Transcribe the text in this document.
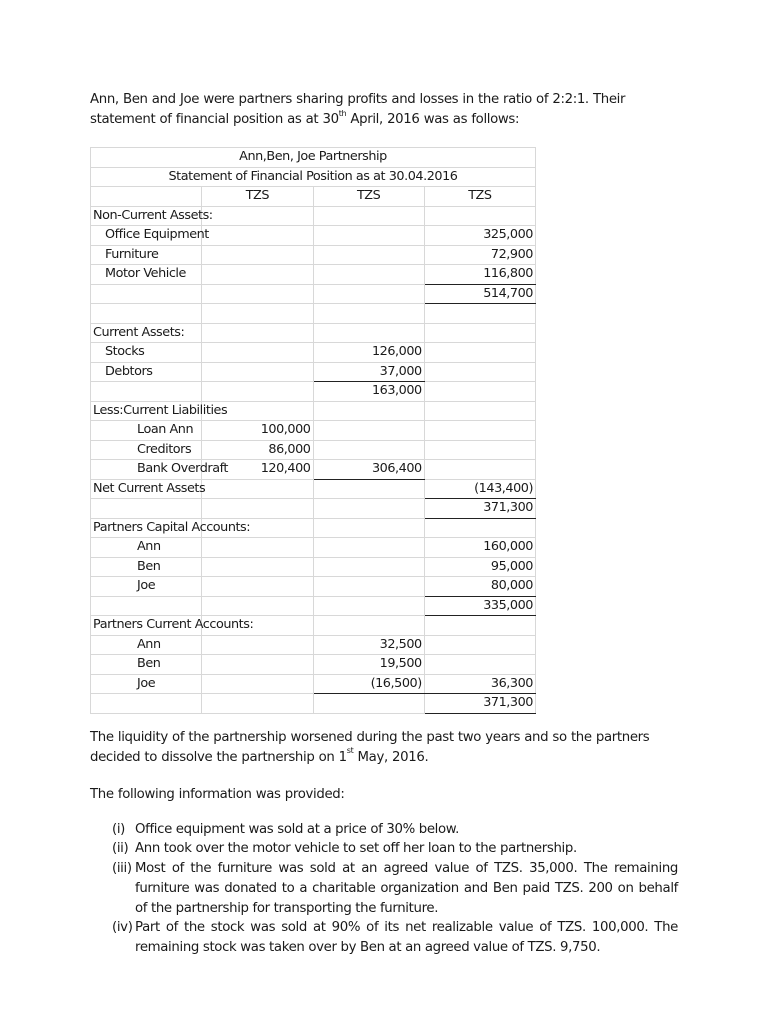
Ann, Ben and Joe were partners sharing profits and losses in the ratio of 2:2:1. Their statement of financial position as at 30th April, 2016 was as follows:

Ann,Ben, Joe Partnership			
Statement of Financial Position as at 30.04.2016			
	TZS	TZS	TZS
Non-Current Assets:			
Office Equipment			325,000
Furniture			72,900
Motor Vehicle			116,800
			514,700

Current Assets:			
Stocks		126,000	
Debtors		37,000	
		163,000	
Less:Current Liabilities			
Loan Ann	100,000		
Creditors	86,000		
Bank Overdraft	120,400	306,400	
Net Current Assets			(143,400)
			371,300
Partners Capital Accounts:			
Ann			160,000
Ben			95,000
Joe			80,000
			335,000
Partners Current Accounts:			
Ann		32,500	
Ben		19,500	
Joe		(16,500)	36,300
			371,300

The liquidity of the partnership worsened during the past two years and so the partners decided to dissolve the partnership on 1st May, 2016.

The following information was provided:

(i) Office equipment was sold at a price of 30% below.
(ii) Ann took over the motor vehicle to set off her loan to the partnership.
(iii) Most of the furniture was sold at an agreed value of TZS. 35,000. The remaining furniture was donated to a charitable organization and Ben paid TZS. 200 on behalf of the partnership for transporting the furniture.
(iv) Part of the stock was sold at 90% of its net realizable value of TZS. 100,000. The remaining stock was taken over by Ben at an agreed value of TZS. 9,750.
